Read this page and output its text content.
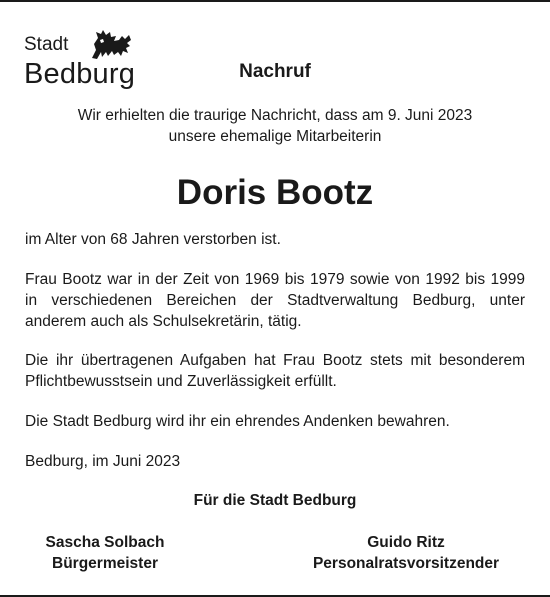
Stadt
Bedburg	Nachruf

Wir erhielten die traurige Nachricht, dass am 9. Juni 2023

unsere ehemalige Mitarbeiterin

Doris Bootz
im Alter von 68 Jahren verstorben ist.
Frau Bootz war in der Zeit von 1969 bis 1979 sowie von 1992 bis 1999 in verschiedenen Bereichen der Stadtverwaltung Bedburg, unter anderem auch als Schulsekretärin, tätig.
Die ihr übertragenen Aufgaben hat Frau Bootz stets mit besonderem Pflichtbewusstsein und Zuverlässigkeit erfüllt.
Die Stadt Bedburg wird ihr ein ehrendes Andenken bewahren.
Bedburg, im Juni 2023
Für die Stadt Bedburg
Sascha Solbach
Bürgermeister
Guido Ritz
Personalratsvorsitzender
